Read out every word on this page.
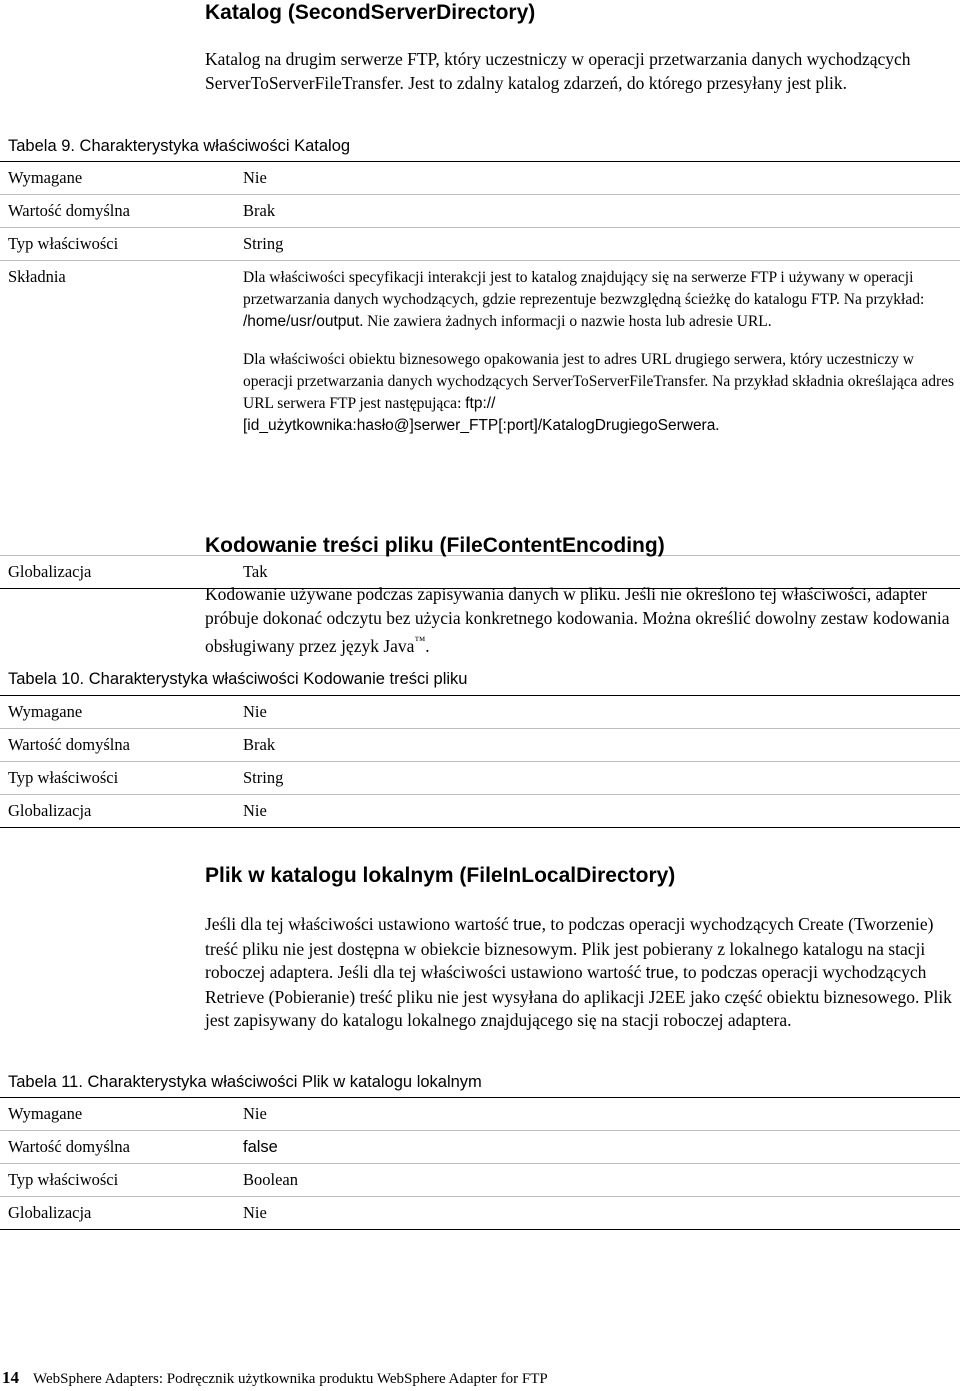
Katalog (SecondServerDirectory)

Katalog na drugim serwerze FTP, który uczestniczy w operacji przetwarzania danych wychodzących ServerToServerFileTransfer. Jest to zdalny katalog zdarzeń, do którego przesyłany jest plik.

Tabela 9. Charakterystyka właściwości Katalog
Wymagane	Nie
Wartość domyślna	Brak
Typ właściwości	String
Składnia	Dla właściwości specyfikacji interakcji jest to katalog znajdujący się na serwerze FTP i używany w operacji przetwarzania danych wychodzących, gdzie reprezentuje bezwzględną ścieżkę do katalogu FTP. Na przykład: /home/usr/output. Nie zawiera żadnych informacji o nazwie hosta lub adresie URL.

Dla właściwości obiektu biznesowego opakowania jest to adres URL drugiego serwera, który uczestniczy w operacji przetwarzania danych wychodzących ServerToServerFileTransfer. Na przykład składnia określająca adres URL serwera FTP jest następująca: ftp://​[id_użytkownika:hasło@]serwer_FTP[:port]/KatalogDrugiegoSerwera.

Globalizacja	Tak
Kodowanie treści pliku (FileContentEncoding)

Kodowanie używane podczas zapisywania danych w pliku. Jeśli nie określono tej właściwości, adapter próbuje dokonać odczytu bez użycia konkretnego kodowania. Można określić dowolny zestaw kodowania obsługiwany przez język Java™.

Tabela 10. Charakterystyka właściwości Kodowanie treści pliku
Wymagane	Nie
Wartość domyślna	Brak
Typ właściwości	String
Globalizacja	Nie
Plik w katalogu lokalnym (FileInLocalDirectory)

Jeśli dla tej właściwości ustawiono wartość true, to podczas operacji wychodzących Create (Tworzenie) treść pliku nie jest dostępna w obiekcie biznesowym. Plik jest pobierany z lokalnego katalogu na stacji roboczej adaptera. Jeśli dla tej właściwości ustawiono wartość true, to podczas operacji wychodzących Retrieve (Pobieranie) treść pliku nie jest wysyłana do aplikacji J2EE jako część obiektu biznesowego. Plik jest zapisywany do katalogu lokalnego znajdującego się na stacji roboczej adaptera.

Tabela 11. Charakterystyka właściwości Plik w katalogu lokalnym
Wymagane	Nie
Wartość domyślna	false
Typ właściwości	Boolean
Globalizacja	Nie
14 WebSphere Adapters: Podręcznik użytkownika produktu WebSphere Adapter for FTP
